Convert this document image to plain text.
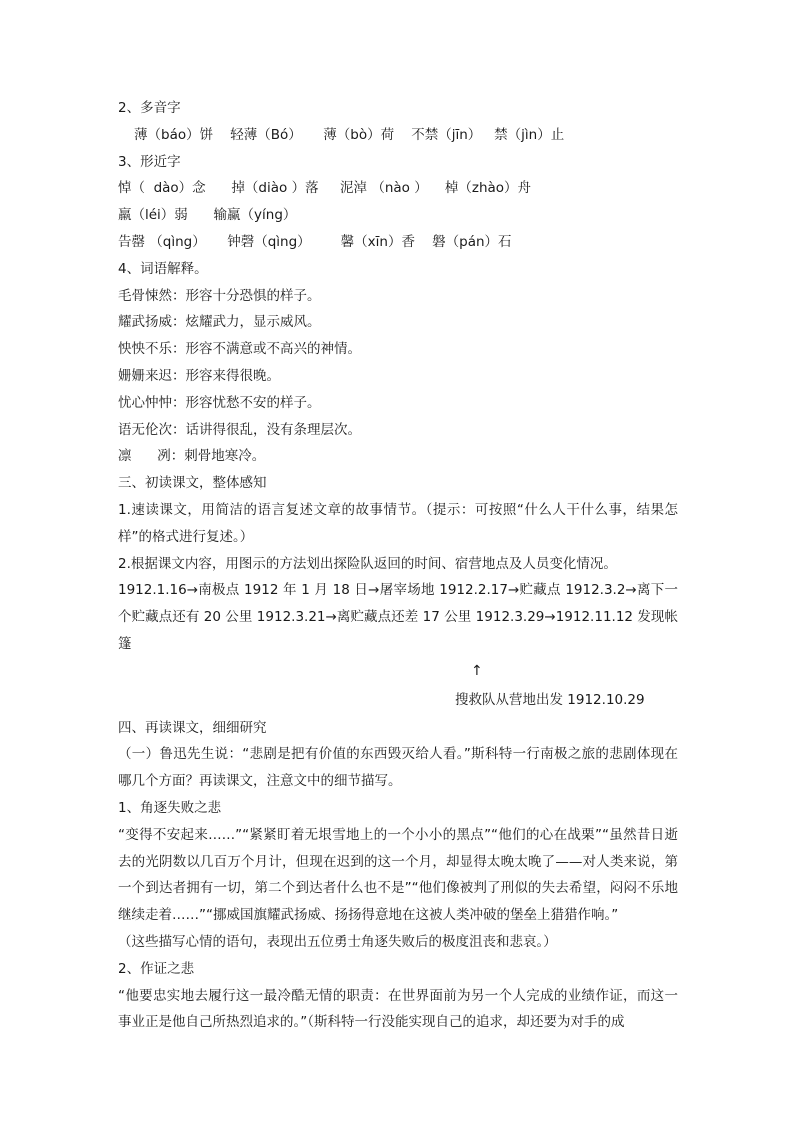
2、多音字
薄（báo）饼    轻薄（Bó）     薄（bò）荷    不禁（jīn）   禁（jìn）止
3、形近字
悼（  dào）念      掉（diào ）落     泥淖 （nào ）    棹（zhào）舟
羸（léi）弱      输赢（yíng）
告罄 （qìng）     钟磬（qìng）       馨（xīn）香    磐（pán）石
4、词语解释。
毛骨悚然：形容十分恐惧的样子。
耀武扬威：炫耀武力，显示威风。
怏怏不乐：形容不满意或不高兴的神情。
姗姗来迟：形容来得很晚。
忧心忡忡：形容忧愁不安的样子。
语无伦次：话讲得很乱，没有条理层次。
凛      冽：刺骨地寒冷。
三、初读课文，整体感知
1.速读课文，用简洁的语言复述文章的故事情节。（提示：可按照“什么人干什么事，结果怎样”的格式进行复述。）
2.根据课文内容，用图示的方法划出探险队返回的时间、宿营地点及人员变化情况。
1912.1.16→南极点 1912 年 1 月 18 日→屠宰场地 1912.2.17→贮藏点 1912.3.2→离下一个贮藏点还有 20 公里 1912.3.21→离贮藏点还差 17 公里 1912.3.29→1912.11.12 发现帐篷
↑
搜救队从营地出发 1912.10.29
四、再读课文，细细研究
（一）鲁迅先生说：“悲剧是把有价值的东西毁灭给人看。”斯科特一行南极之旅的悲剧体现在哪几个方面？再读课文，注意文中的细节描写。
1、角逐失败之悲
“变得不安起来……”“紧紧盯着无垠雪地上的一个小小的黑点”“他们的心在战栗”“虽然昔日逝去的光阴数以几百万个月计，但现在迟到的这一个月，却显得太晚太晚了——对人类来说，第一个到达者拥有一切，第二个到达者什么也不是”“他们像被判了刑似的失去希望，闷闷不乐地继续走着……”“挪威国旗耀武扬威、扬扬得意地在这被人类冲破的堡垒上猎猎作响。”
（这些描写心情的语句，表现出五位勇士角逐失败后的极度沮丧和悲哀。）
2、作证之悲
“他要忠实地去履行这一最冷酷无情的职责：在世界面前为另一个人完成的业绩作证，而这一事业正是他自己所热烈追求的。”（斯科特一行没能实现自己的追求，却还要为对手的成
